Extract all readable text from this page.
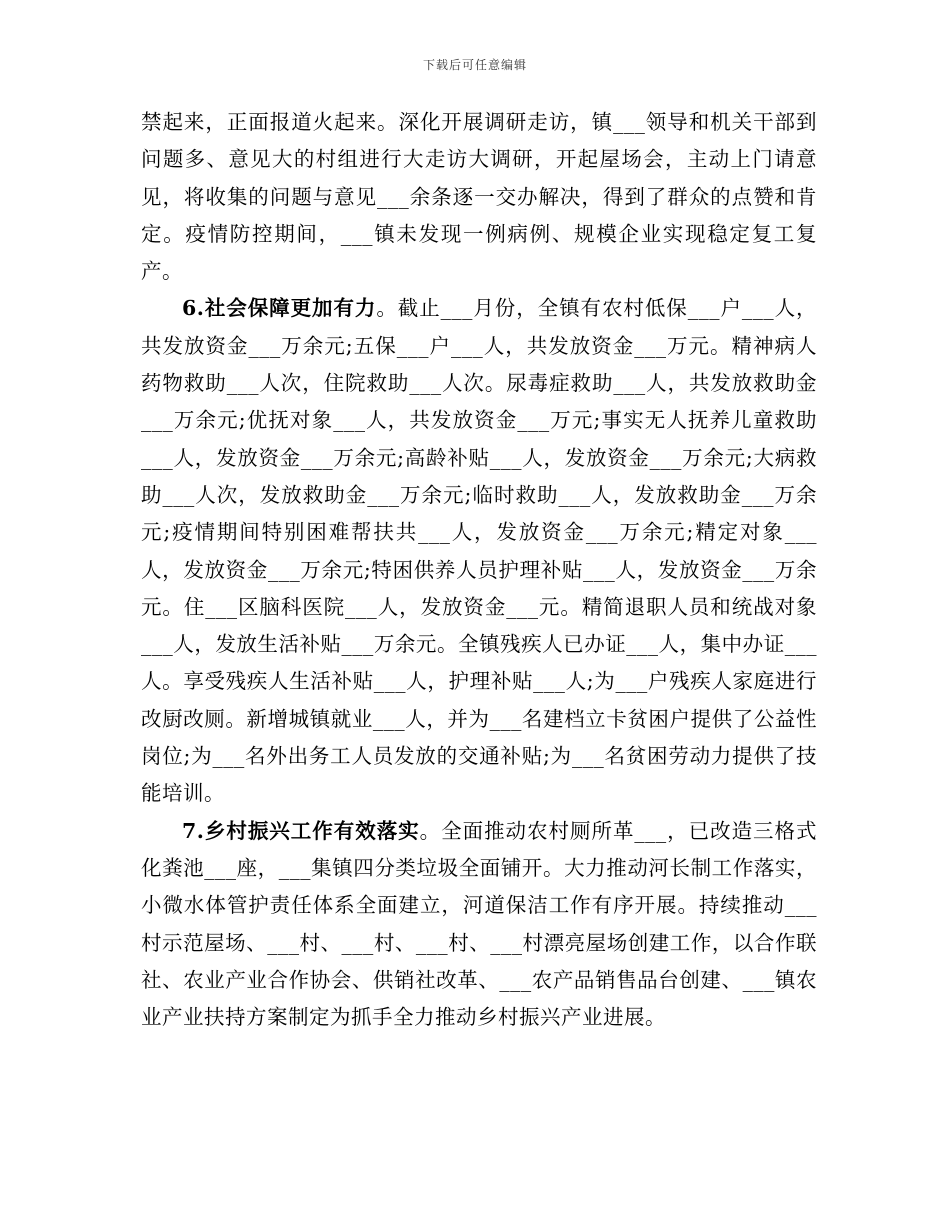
下载后可任意编辑

禁起来，正面报道火起来。深化开展调研走访，镇___领导和机关干部到问题多、意见大的村组进行大走访大调研，开起屋场会，主动上门请意见，将收集的问题与意见___余条逐一交办解决，得到了群众的点赞和肯定。疫情防控期间，___镇未发现一例病例、规模企业实现稳定复工复产。

6.社会保障更加有力。截止___月份，全镇有农村低保___户___人，共发放资金___万余元;五保___户___人，共发放资金___万元。精神病人药物救助___人次，住院救助___人次。尿毒症救助___人，共发放救助金___万余元;优抚对象___人，共发放资金___万元;事实无人抚养儿童救助___人，发放资金___万余元;高龄补贴___人，发放资金___万余元;大病救助___人次，发放救助金___万余元;临时救助___人，发放救助金___万余元;疫情期间特别困难帮扶共___人，发放资金___万余元;精定对象___人，发放资金___万余元;特困供养人员护理补贴___人，发放资金___万余元。住___区脑科医院___人，发放资金___元。精简退职人员和统战对象___人，发放生活补贴___万余元。全镇残疾人已办证___人，集中办证___人。享受残疾人生活补贴___人，护理补贴___人;为___户残疾人家庭进行改厨改厕。新增城镇就业___人，并为___名建档立卡贫困户提供了公益性岗位;为___名外出务工人员发放的交通补贴;为___名贫困劳动力提供了技能培训。

7.乡村振兴工作有效落实。全面推动农村厕所革___，已改造三格式化粪池___座，___集镇四分类垃圾全面铺开。大力推动河长制工作落实，小微水体管护责任体系全面建立，河道保洁工作有序开展。持续推动___村示范屋场、___村、___村、___村、___村漂亮屋场创建工作，以合作联社、农业产业合作协会、供销社改革、___农产品销售品台创建、___镇农业产业扶持方案制定为抓手全力推动乡村振兴产业进展。
